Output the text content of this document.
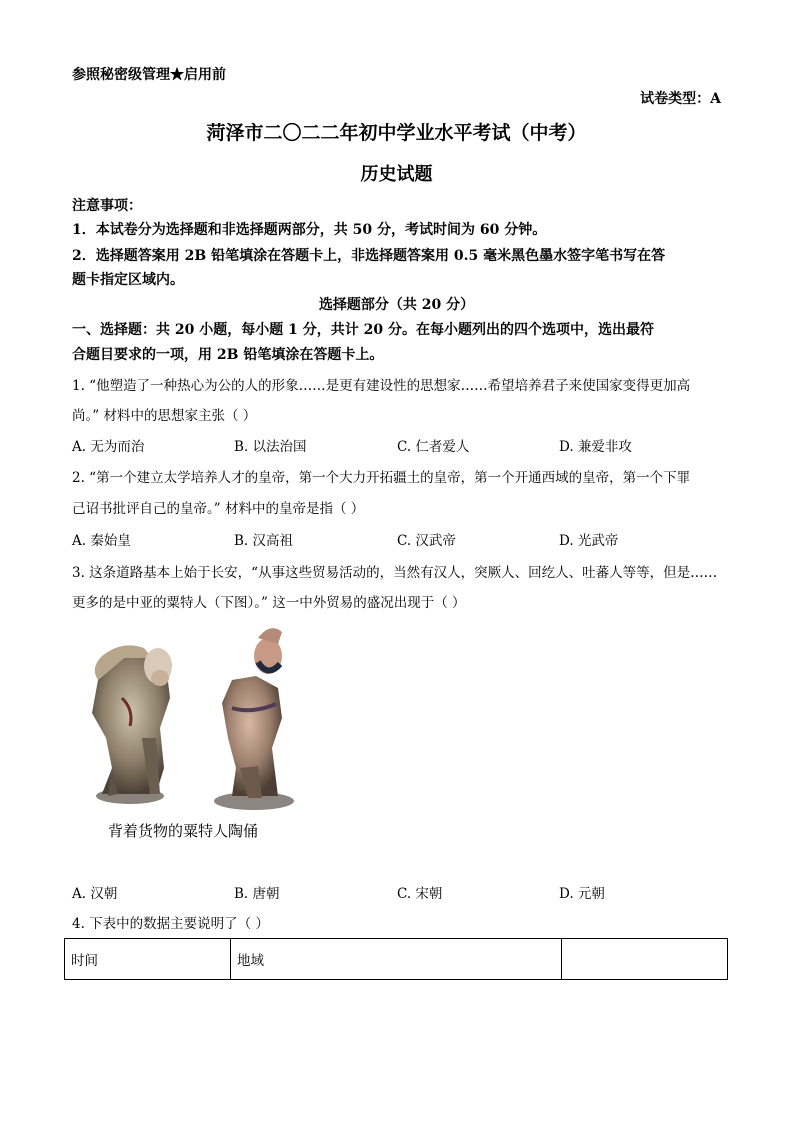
参照秘密级管理★启用前
试卷类型：A
菏泽市二〇二二年初中学业水平考试（中考）
历史试题
注意事项：
1．本试卷分为选择题和非选择题两部分，共 50 分，考试时间为 60 分钟。
2．选择题答案用 2B 铅笔填涂在答题卡上，非选择题答案用 0.5 毫米黑色墨水签字笔书写在答
题卡指定区域内。
选择题部分（共 20 分）
一、选择题：共 20 小题，每小题 1 分，共计 20 分。在每小题列出的四个选项中，选出最符
合题目要求的一项，用 2B 铅笔填涂在答题卡上。
1. “他塑造了一种热心为公的人的形象……是更有建设性的思想家……希望培养君子来使国家变得更加高
尚。” 材料中的思想家主张（ ）
A. 无为而治	B. 以法治国	C. 仁者爱人	D. 兼爱非攻
2. “第一个建立太学培养人才的皇帝，第一个大力开拓疆土的皇帝，第一个开通西域的皇帝，第一个下罪
己诏书批评自己的皇帝。” 材料中的皇帝是指（ ）
A. 秦始皇	B. 汉高祖	C. 汉武帝	D. 光武帝
3. 这条道路基本上始于长安，“从事这些贸易活动的，当然有汉人，突厥人、回纥人、吐蕃人等等，但是……
更多的是中亚的粟特人（下图）。” 这一中外贸易的盛况出现于（ ）
背着货物的粟特人陶俑
A. 汉朝	B. 唐朝	C. 宋朝	D. 元朝
4. 下表中的数据主要说明了（ ）
时间	地域	
